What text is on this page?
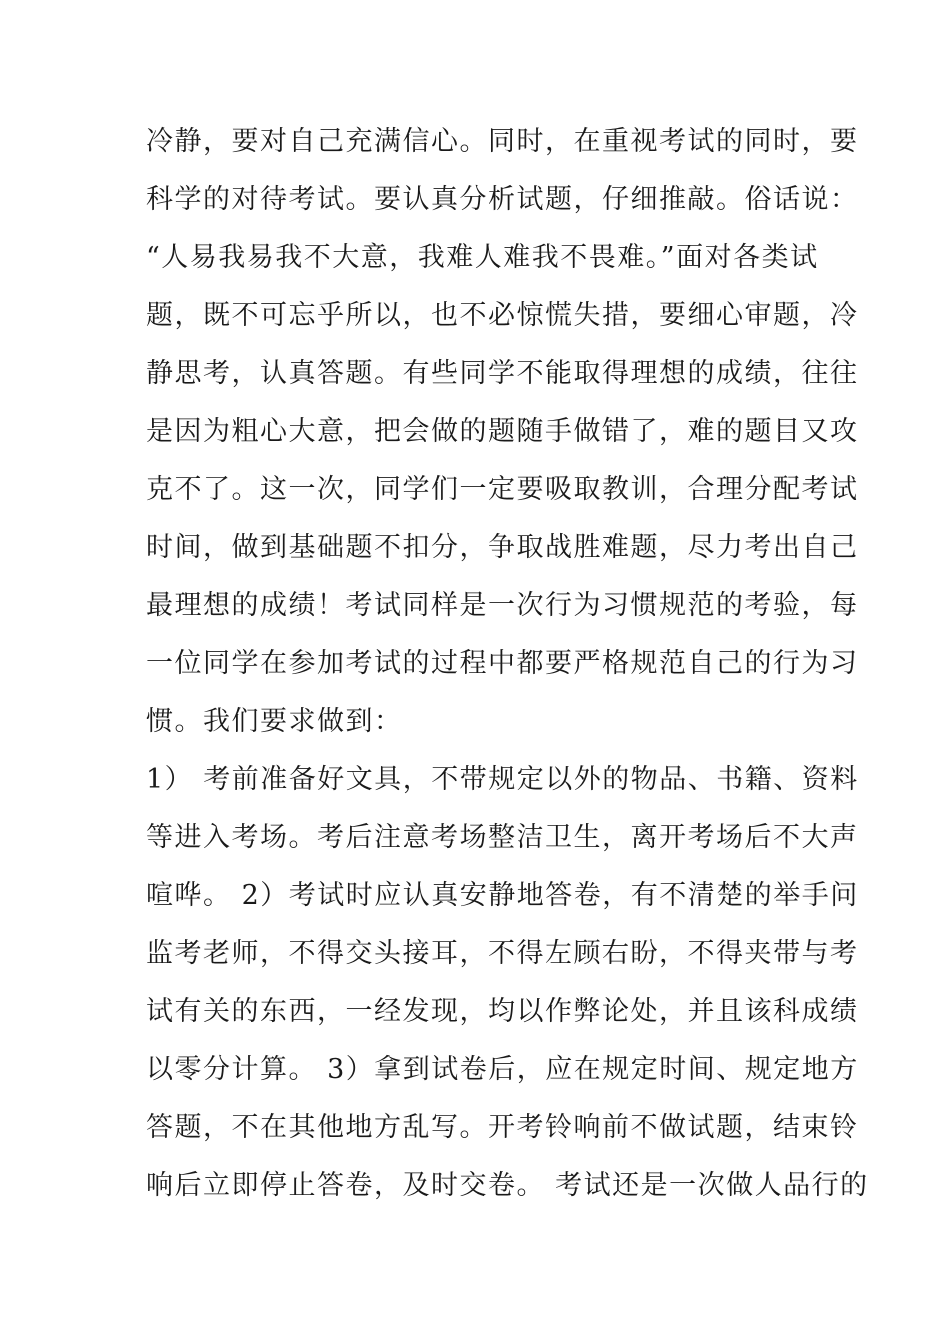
冷静，要对自己充满信心。同时，在重视考试的同时，要
科学的对待考试。要认真分析试题，仔细推敲。俗话说：
“人易我易我不大意，我难人难我不畏难。”面对各类试
题，既不可忘乎所以，也不必惊慌失措，要细心审题，冷
静思考，认真答题。有些同学不能取得理想的成绩，往往
是因为粗心大意，把会做的题随手做错了，难的题目又攻
克不了。这一次，同学们一定要吸取教训，合理分配考试
时间，做到基础题不扣分，争取战胜难题，尽力考出自己
最理想的成绩！考试同样是一次行为习惯规范的考验，每
一位同学在参加考试的过程中都要严格规范自己的行为习
惯。我们要求做到：
1） 考前准备好文具，不带规定以外的物品、书籍、资料
等进入考场。考后注意考场整洁卫生，离开考场后不大声
喧哗。 2）考试时应认真安静地答卷，有不清楚的举手问
监考老师，不得交头接耳，不得左顾右盼，不得夹带与考
试有关的东西，一经发现，均以作弊论处，并且该科成绩
以零分计算。 3）拿到试卷后，应在规定时间、规定地方
答题，不在其他地方乱写。开考铃响前不做试题，结束铃
响后立即停止答卷，及时交卷。 考试还是一次做人品行的
